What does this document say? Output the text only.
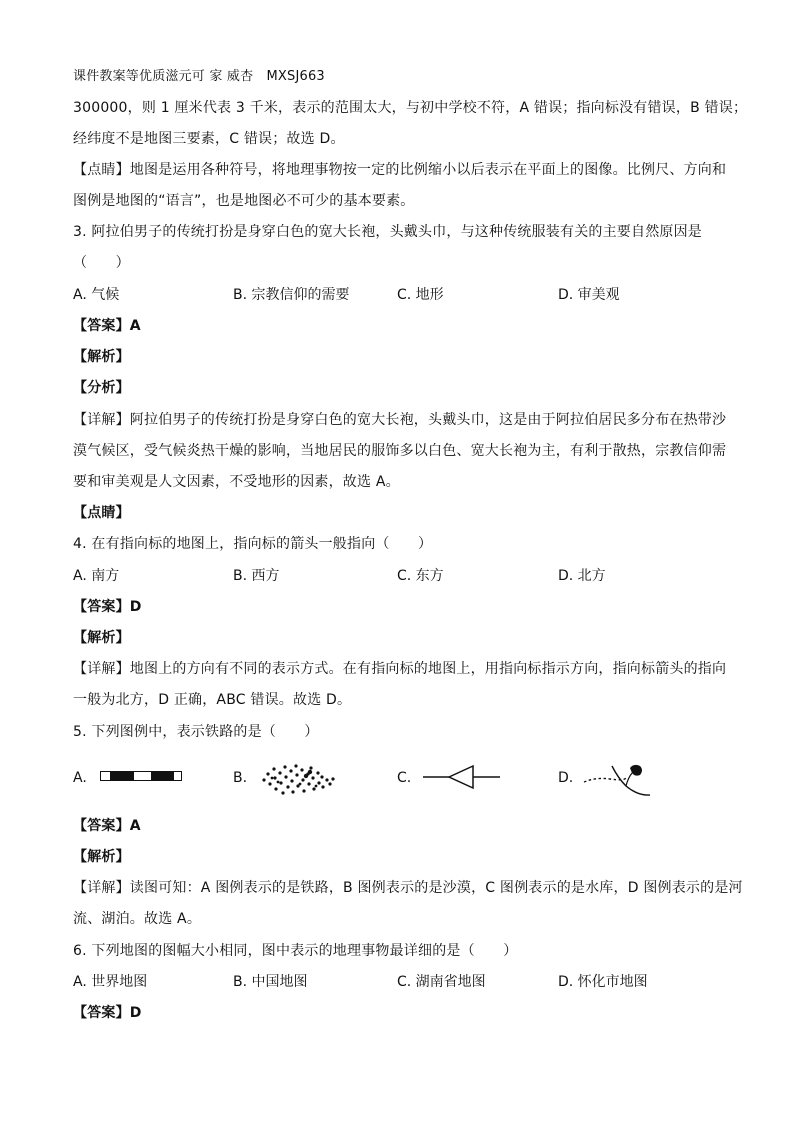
课件教案等优质滋元可 家 威杏　MXSJ663
300000，则 1 厘米代表 3 千米，表示的范围太大，与初中学校不符，A 错误；指向标没有错误，B 错误；
经纬度不是地图三要素，C 错误；故选 D。
【点睛】地图是运用各种符号，将地理事物按一定的比例缩小以后表示在平面上的图像。比例尺、方向和
图例是地图的“语言”，也是地图必不可少的基本要素。
3. 阿拉伯男子的传统打扮是身穿白色的宽大长袍，头戴头巾，与这种传统服装有关的主要自然原因是
（　　）
A. 气候	B. 宗教信仰的需要	C. 地形	D. 审美观
【答案】A
【解析】
【分析】
【详解】阿拉伯男子的传统打扮是身穿白色的宽大长袍，头戴头巾，这是由于阿拉伯居民多分布在热带沙
漠气候区，受气候炎热干燥的影响，当地居民的服饰多以白色、宽大长袍为主，有利于散热，宗教信仰需
要和审美观是人文因素，不受地形的因素，故选 A。
【点睛】
4. 在有指向标的地图上，指向标的箭头一般指向（　　）
A. 南方	B. 西方	C. 东方	D. 北方
【答案】D
【解析】
【详解】地图上的方向有不同的表示方式。在有指向标的地图上，用指向标指示方向，指向标箭头的指向
一般为北方，D 正确，ABC 错误。故选 D。
5. 下列图例中，表示铁路的是（　　）
A.	B.	C.	D.
【答案】A
【解析】
【详解】读图可知：A 图例表示的是铁路，B 图例表示的是沙漠，C 图例表示的是水库，D 图例表示的是河
流、湖泊。故选 A。
6. 下列地图的图幅大小相同，图中表示的地理事物最详细的是（　　）
A. 世界地图	B. 中国地图	C. 湖南省地图	D. 怀化市地图
【答案】D
